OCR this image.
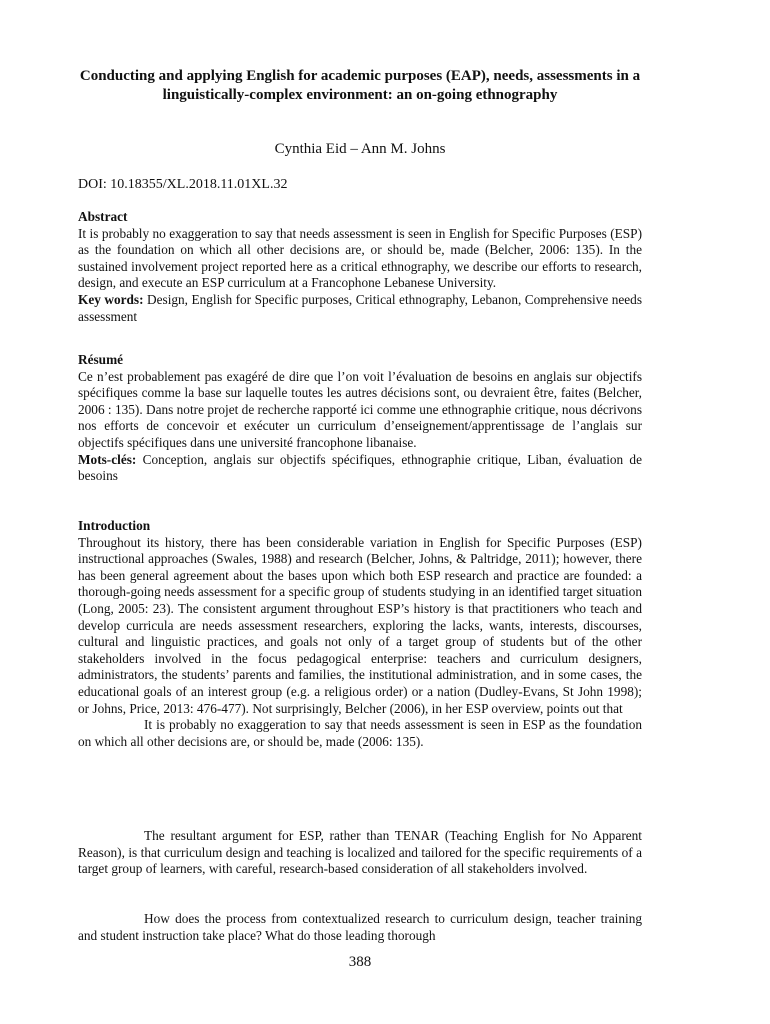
Conducting and applying English for academic purposes (EAP), needs, assessments in a linguistically-complex environment: an on-going ethnography
Cynthia Eid – Ann M. Johns
DOI: 10.18355/XL.2018.11.01XL.32
Abstract

It is probably no exaggeration to say that needs assessment is seen in English for Specific Purposes (ESP) as the foundation on which all other decisions are, or should be, made (Belcher, 2006: 135). In the sustained involvement project reported here as a critical ethnography, we describe our efforts to research, design, and execute an ESP curriculum at a Francophone Lebanese University.

Key words: Design, English for Specific purposes, Critical ethnography, Lebanon, Comprehensive needs assessment

Résumé

Ce n’est probablement pas exagéré de dire que l’on voit l’évaluation de besoins en anglais sur objectifs spécifiques comme la base sur laquelle toutes les autres décisions sont, ou devraient être, faites (Belcher, 2006 : 135). Dans notre projet de recherche rapporté ici comme une ethnographie critique, nous décrivons nos efforts de concevoir et exécuter un curriculum d’enseignement/apprentissage de l’anglais sur objectifs spécifiques dans une université francophone libanaise.

Mots-clés: Conception, anglais sur objectifs spécifiques, ethnographie critique, Liban, évaluation de besoins

Introduction

Throughout its history, there has been considerable variation in English for Specific Purposes (ESP) instructional approaches (Swales, 1988) and research (Belcher, Johns, & Paltridge, 2011); however, there has been general agreement about the bases upon which both ESP research and practice are founded: a thorough-going needs assessment for a specific group of students studying in an identified target situation (Long, 2005: 23). The consistent argument throughout ESP’s history is that practitioners who teach and develop curricula are needs assessment researchers, exploring the lacks, wants, interests, discourses, cultural and linguistic practices, and goals not only of a target group of students but of the other stakeholders involved in the focus pedagogical enterprise: teachers and curriculum designers, administrators, the students’ parents and families, the institutional administration, and in some cases, the educational goals of an interest group (e.g. a religious order) or a nation (Dudley-Evans, St John 1998); or Johns, Price, 2013: 476-477). Not surprisingly, Belcher (2006), in her ESP overview, points out that

It is probably no exaggeration to say that needs assessment is seen in ESP as the foundation on which all other decisions are, or should be, made (2006: 135).

The resultant argument for ESP, rather than TENAR (Teaching English for No Apparent Reason), is that curriculum design and teaching is localized and tailored for the specific requirements of a target group of learners, with careful, research-based consideration of all stakeholders involved.

How does the process from contextualized research to curriculum design, teacher training and student instruction take place? What do those leading thorough

388
